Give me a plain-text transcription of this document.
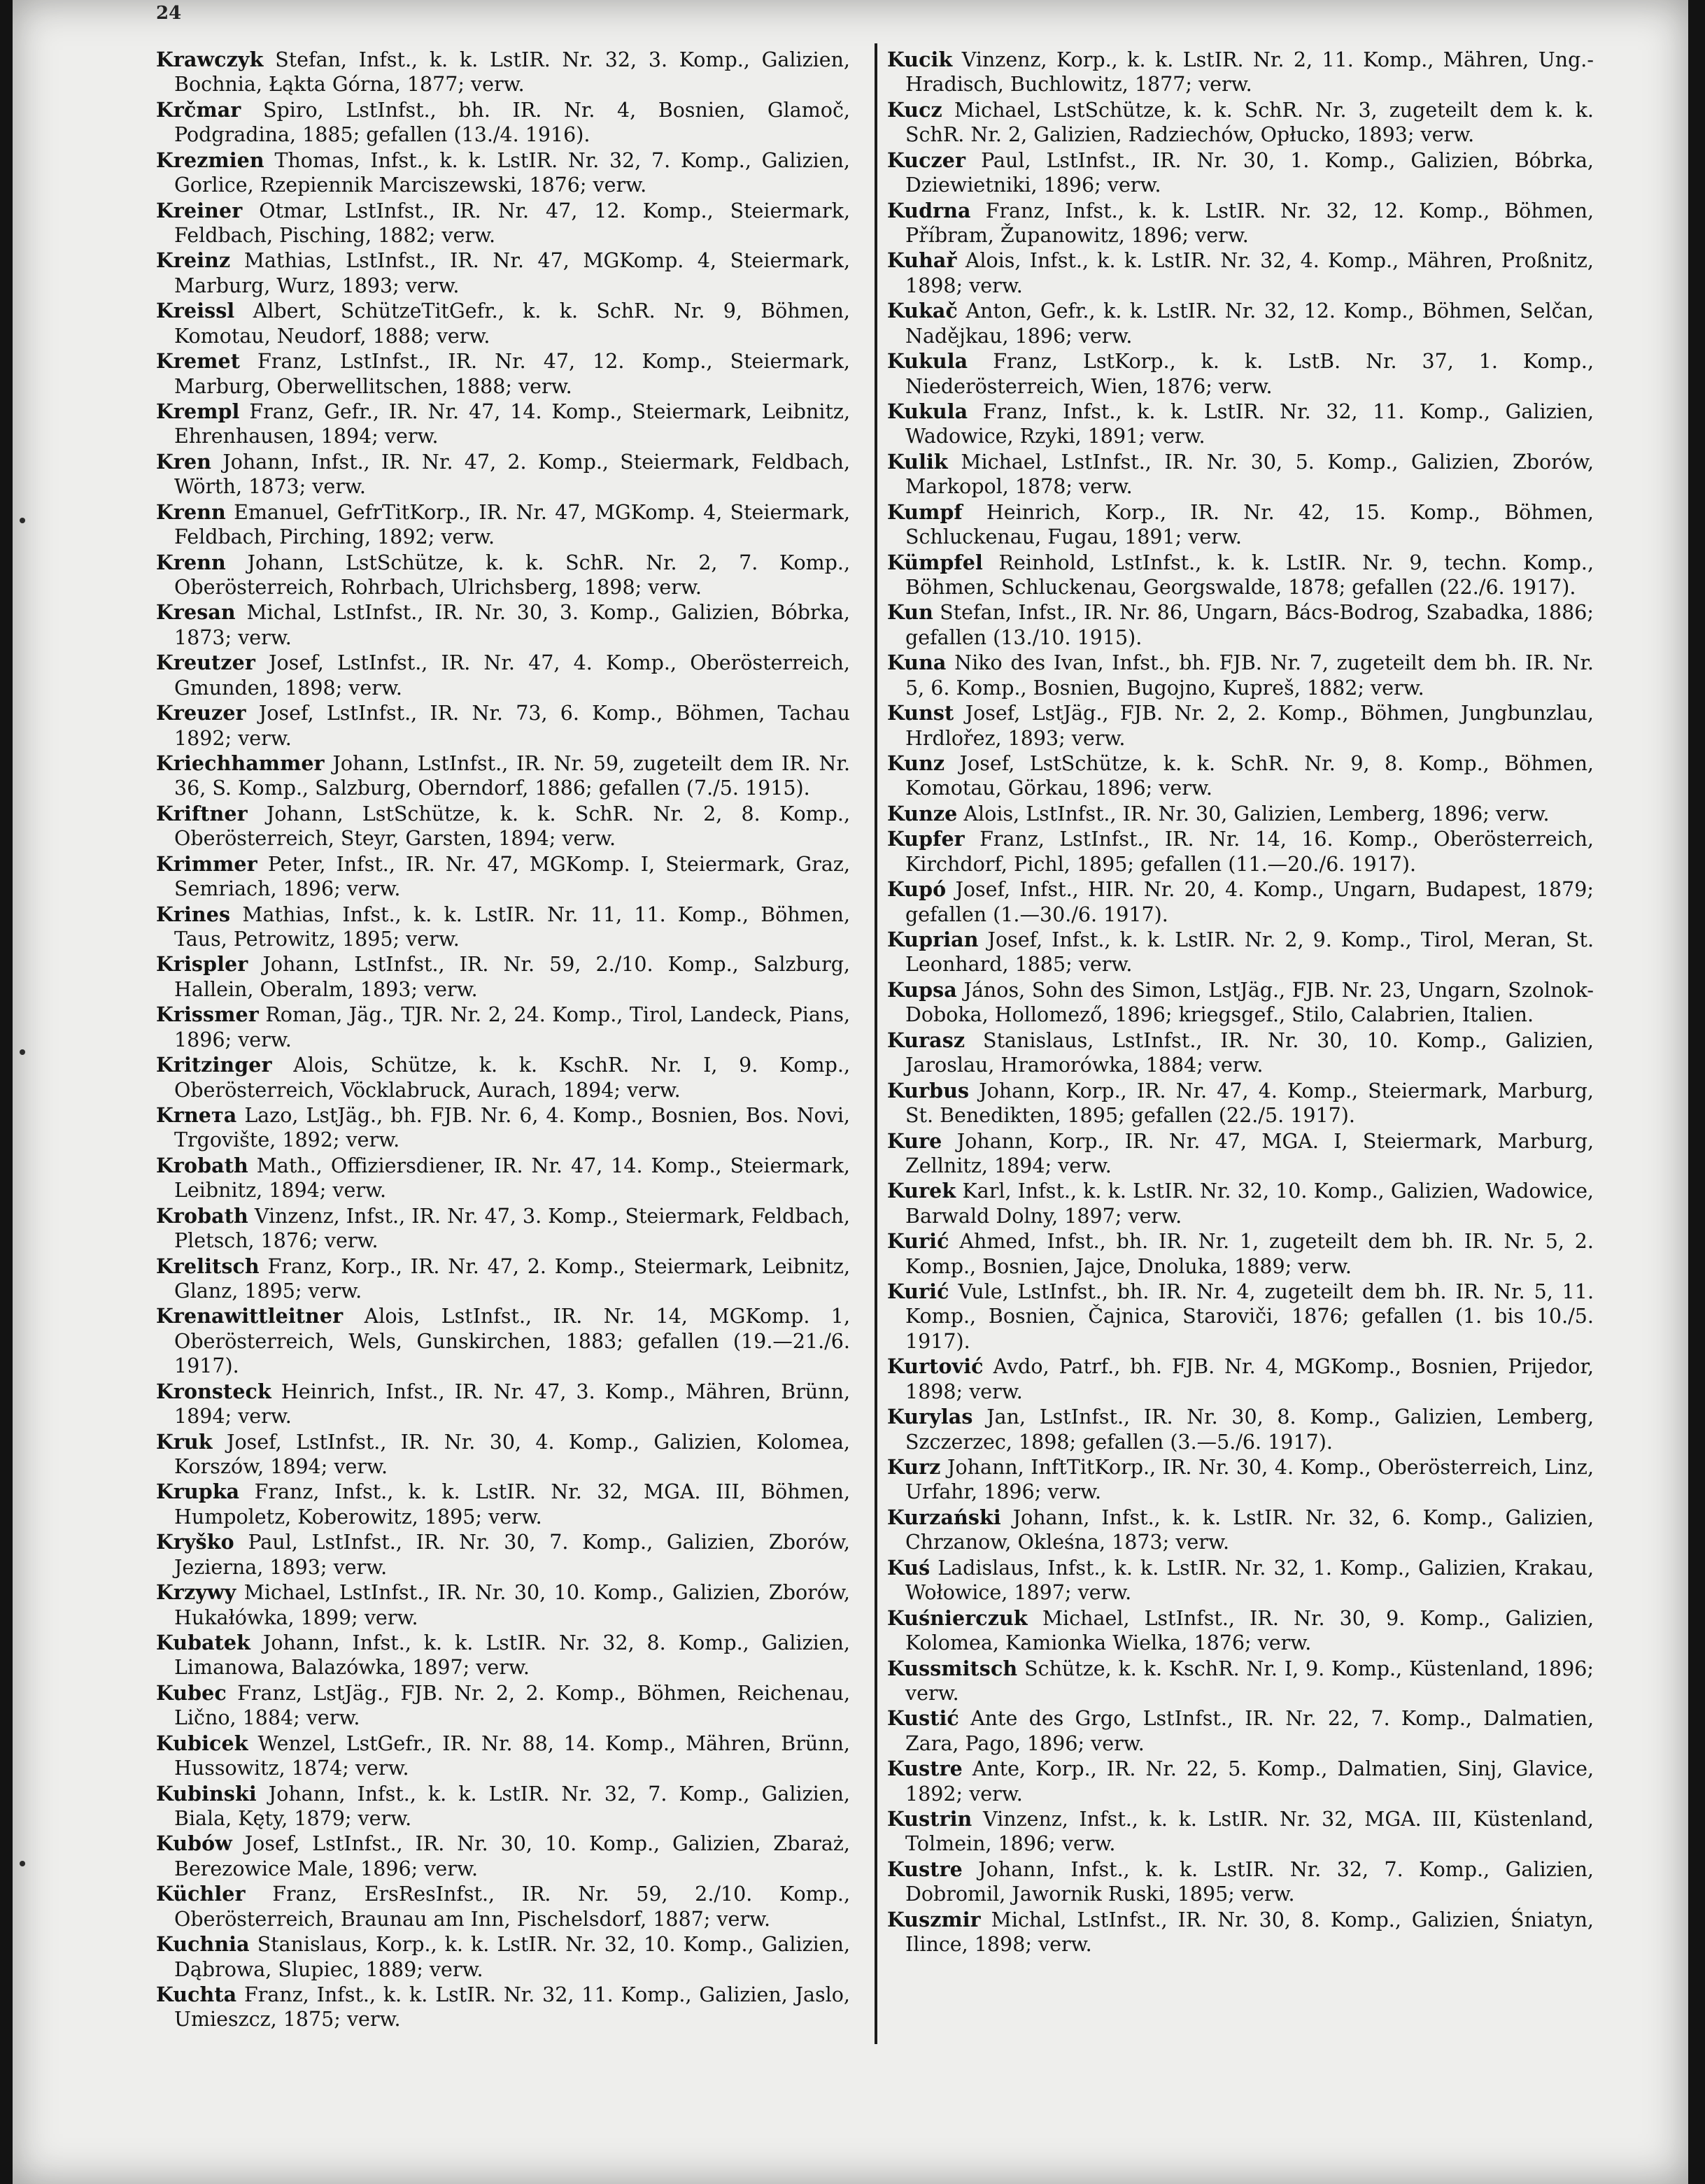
24

Krawczyk Stefan, Infst., k. k. LstIR. Nr. 32, 3. Komp., Galizien, Bochnia, Łąkta Górna, 1877; verw.

Krčmar Spiro, LstInfst., bh. IR. Nr. 4, Bosnien, Glamoč, Podgradina, 1885; gefallen (13./4. 1916).

Krezmien Thomas, Infst., k. k. LstIR. Nr. 32, 7. Komp., Galizien, Gorlice, Rzepiennik Marciszewski, 1876; verw.

Kreiner Otmar, LstInfst., IR. Nr. 47, 12. Komp., Steiermark, Feldbach, Pisching, 1882; verw.

Kreinz Mathias, LstInfst., IR. Nr. 47, MGKomp. 4, Steiermark, Marburg, Wurz, 1893; verw.

Kreissl Albert, SchützeTitGefr., k. k. SchR. Nr. 9, Böhmen, Komotau, Neudorf, 1888; verw.

Kremet Franz, LstInfst., IR. Nr. 47, 12. Komp., Steiermark, Marburg, Oberwellitschen, 1888; verw.

Krempl Franz, Gefr., IR. Nr. 47, 14. Komp., Steiermark, Leibnitz, Ehrenhausen, 1894; verw.

Kren Johann, Infst., IR. Nr. 47, 2. Komp., Steiermark, Feldbach, Wörth, 1873; verw.

Krenn Emanuel, GefrTitKorp., IR. Nr. 47, MGKomp. 4, Steiermark, Feldbach, Pirching, 1892; verw.

Krenn Johann, LstSchütze, k. k. SchR. Nr. 2, 7. Komp., Oberösterreich, Rohrbach, Ulrichsberg, 1898; verw.

Kresan Michal, LstInfst., IR. Nr. 30, 3. Komp., Galizien, Bóbrka, 1873; verw.

Kreutzer Josef, LstInfst., IR. Nr. 47, 4. Komp., Oberösterreich, Gmunden, 1898; verw.

Kreuzer Josef, LstInfst., IR. Nr. 73, 6. Komp., Böhmen, Tachau 1892; verw.

Kriechhammer Johann, LstInfst., IR. Nr. 59, zugeteilt dem IR. Nr. 36, S. Komp., Salzburg, Oberndorf, 1886; gefallen (7./5. 1915).

Kriftner Johann, LstSchütze, k. k. SchR. Nr. 2, 8. Komp., Oberösterreich, Steyr, Garsten, 1894; verw.

Krimmer Peter, Infst., IR. Nr. 47, MGKomp. I, Steiermark, Graz, Semriach, 1896; verw.

Krines Mathias, Infst., k. k. LstIR. Nr. 11, 11. Komp., Böhmen, Taus, Petrowitz, 1895; verw.

Krispler Johann, LstInfst., IR. Nr. 59, 2./10. Komp., Salzburg, Hallein, Oberalm, 1893; verw.

Krissmer Roman, Jäg., TJR. Nr. 2, 24. Komp., Tirol, Landeck, Pians, 1896; verw.

Kritzinger Alois, Schütze, k. k. KschR. Nr. I, 9. Komp., Oberösterreich, Vöcklabruck, Aurach, 1894; verw.

Krnета Lazo, LstJäg., bh. FJB. Nr. 6, 4. Komp., Bosnien, Bos. Novi, Trgovište, 1892; verw.

Krobath Math., Offiziersdiener, IR. Nr. 47, 14. Komp., Steiermark, Leibnitz, 1894; verw.

Krobath Vinzenz, Infst., IR. Nr. 47, 3. Komp., Steiermark, Feldbach, Pletsch, 1876; verw.

Krelitsch Franz, Korp., IR. Nr. 47, 2. Komp., Steiermark, Leibnitz, Glanz, 1895; verw.

Krenawittleitner Alois, LstInfst., IR. Nr. 14, MGKomp. 1, Oberösterreich, Wels, Gunskirchen, 1883; gefallen (19.—21./6. 1917).

Kronsteck Heinrich, Infst., IR. Nr. 47, 3. Komp., Mähren, Brünn, 1894; verw.

Kruk Josef, LstInfst., IR. Nr. 30, 4. Komp., Galizien, Kolomea, Korszów, 1894; verw.

Krupka Franz, Infst., k. k. LstIR. Nr. 32, MGA. III, Böhmen, Humpoletz, Koberowitz, 1895; verw.

Kryško Paul, LstInfst., IR. Nr. 30, 7. Komp., Galizien, Zborów, Jezierna, 1893; verw.

Krzywy Michael, LstInfst., IR. Nr. 30, 10. Komp., Galizien, Zborów, Hukałówka, 1899; verw.

Kubatek Johann, Infst., k. k. LstIR. Nr. 32, 8. Komp., Galizien, Limanowa, Balazówka, 1897; verw.

Kubec Franz, LstJäg., FJB. Nr. 2, 2. Komp., Böhmen, Reichenau, Lično, 1884; verw.

Kubicek Wenzel, LstGefr., IR. Nr. 88, 14. Komp., Mähren, Brünn, Hussowitz, 1874; verw.

Kubinski Johann, Infst., k. k. LstIR. Nr. 32, 7. Komp., Galizien, Biala, Kęty, 1879; verw.

Kubów Josef, LstInfst., IR. Nr. 30, 10. Komp., Galizien, Zbaraż, Berezowice Male, 1896; verw.

Küchler Franz, ErsResInfst., IR. Nr. 59, 2./10. Komp., Oberösterreich, Braunau am Inn, Pischelsdorf, 1887; verw.

Kuchnia Stanislaus, Korp., k. k. LstIR. Nr. 32, 10. Komp., Galizien, Dąbrowa, Slupiec, 1889; verw.

Kuchta Franz, Infst., k. k. LstIR. Nr. 32, 11. Komp., Galizien, Jaslo, Umieszcz, 1875; verw.

Kucik Vinzenz, Korp., k. k. LstIR. Nr. 2, 11. Komp., Mähren, Ung.-Hradisch, Buchlowitz, 1877; verw.

Kucz Michael, LstSchütze, k. k. SchR. Nr. 3, zugeteilt dem k. k. SchR. Nr. 2, Galizien, Radziechów, Opłucko, 1893; verw.

Kuczer Paul, LstInfst., IR. Nr. 30, 1. Komp., Galizien, Bóbrka, Dziewietniki, 1896; verw.

Kudrna Franz, Infst., k. k. LstIR. Nr. 32, 12. Komp., Böhmen, Příbram, Županowitz, 1896; verw.

Kuhař Alois, Infst., k. k. LstIR. Nr. 32, 4. Komp., Mähren, Proßnitz, 1898; verw.

Kukač Anton, Gefr., k. k. LstIR. Nr. 32, 12. Komp., Böhmen, Selčan, Nadějkau, 1896; verw.

Kukula Franz, LstKorp., k. k. LstB. Nr. 37, 1. Komp., Niederösterreich, Wien, 1876; verw.

Kukula Franz, Infst., k. k. LstIR. Nr. 32, 11. Komp., Galizien, Wadowice, Rzyki, 1891; verw.

Kulik Michael, LstInfst., IR. Nr. 30, 5. Komp., Galizien, Zborów, Markopol, 1878; verw.

Kumpf Heinrich, Korp., IR. Nr. 42, 15. Komp., Böhmen, Schluckenau, Fugau, 1891; verw.

Kümpfel Reinhold, LstInfst., k. k. LstIR. Nr. 9, techn. Komp., Böhmen, Schluckenau, Georgswalde, 1878; gefallen (22./6. 1917).

Kun Stefan, Infst., IR. Nr. 86, Ungarn, Bács-Bodrog, Szabadka, 1886; gefallen (13./10. 1915).

Kuna Niko des Ivan, Infst., bh. FJB. Nr. 7, zugeteilt dem bh. IR. Nr. 5, 6. Komp., Bosnien, Bugojno, Kupreš, 1882; verw.

Kunst Josef, LstJäg., FJB. Nr. 2, 2. Komp., Böhmen, Jungbunzlau, Hrdlořez, 1893; verw.

Kunz Josef, LstSchütze, k. k. SchR. Nr. 9, 8. Komp., Böhmen, Komotau, Görkau, 1896; verw.

Kunze Alois, LstInfst., IR. Nr. 30, Galizien, Lemberg, 1896; verw.

Kupfer Franz, LstInfst., IR. Nr. 14, 16. Komp., Oberösterreich, Kirchdorf, Pichl, 1895; gefallen (11.—20./6. 1917).

Kupó Josef, Infst., HIR. Nr. 20, 4. Komp., Ungarn, Budapest, 1879; gefallen (1.—30./6. 1917).

Kuprian Josef, Infst., k. k. LstIR. Nr. 2, 9. Komp., Tirol, Meran, St. Leonhard, 1885; verw.

Kupsa János, Sohn des Simon, LstJäg., FJB. Nr. 23, Ungarn, Szolnok-Doboka, Hollomező, 1896; kriegsgef., Stilo, Calabrien, Italien.

Kurasz Stanislaus, LstInfst., IR. Nr. 30, 10. Komp., Galizien, Jaroslau, Hramorówka, 1884; verw.

Kurbus Johann, Korp., IR. Nr. 47, 4. Komp., Steiermark, Marburg, St. Benedikten, 1895; gefallen (22./5. 1917).

Kure Johann, Korp., IR. Nr. 47, MGA. I, Steiermark, Marburg, Zellnitz, 1894; verw.

Kurek Karl, Infst., k. k. LstIR. Nr. 32, 10. Komp., Galizien, Wadowice, Barwald Dolny, 1897; verw.

Kurić Ahmed, Infst., bh. IR. Nr. 1, zugeteilt dem bh. IR. Nr. 5, 2. Komp., Bosnien, Jajce, Dnoluka, 1889; verw.

Kurić Vule, LstInfst., bh. IR. Nr. 4, zugeteilt dem bh. IR. Nr. 5, 11. Komp., Bosnien, Čajnica, Staroviči, 1876; gefallen (1. bis 10./5. 1917).

Kurtović Avdo, Patrf., bh. FJB. Nr. 4, MGKomp., Bosnien, Prijedor, 1898; verw.

Kurylas Jan, LstInfst., IR. Nr. 30, 8. Komp., Galizien, Lemberg, Szczerzec, 1898; gefallen (3.—5./6. 1917).

Kurz Johann, InftTitKorp., IR. Nr. 30, 4. Komp., Oberösterreich, Linz, Urfahr, 1896; verw.

Kurzański Johann, Infst., k. k. LstIR. Nr. 32, 6. Komp., Galizien, Chrzanow, Okleśna, 1873; verw.

Kuś Ladislaus, Infst., k. k. LstIR. Nr. 32, 1. Komp., Galizien, Krakau, Wołowice, 1897; verw.

Kuśnierczuk Michael, LstInfst., IR. Nr. 30, 9. Komp., Galizien, Kolomea, Kamionka Wielka, 1876; verw.

Kussmitsch Schütze, k. k. KschR. Nr. I, 9. Komp., Küstenland, 1896; verw.

Kustić Ante des Grgo, LstInfst., IR. Nr. 22, 7. Komp., Dalmatien, Zara, Pago, 1896; verw.

Kustre Ante, Korp., IR. Nr. 22, 5. Komp., Dalmatien, Sinj, Glavice, 1892; verw.

Kustrin Vinzenz, Infst., k. k. LstIR. Nr. 32, MGA. III, Küstenland, Tolmein, 1896; verw.

Kustre Johann, Infst., k. k. LstIR. Nr. 32, 7. Komp., Galizien, Dobromil, Jawornik Ruski, 1895; verw.

Kuszmir Michal, LstInfst., IR. Nr. 30, 8. Komp., Galizien, Śniatyn, Ilince, 1898; verw.
